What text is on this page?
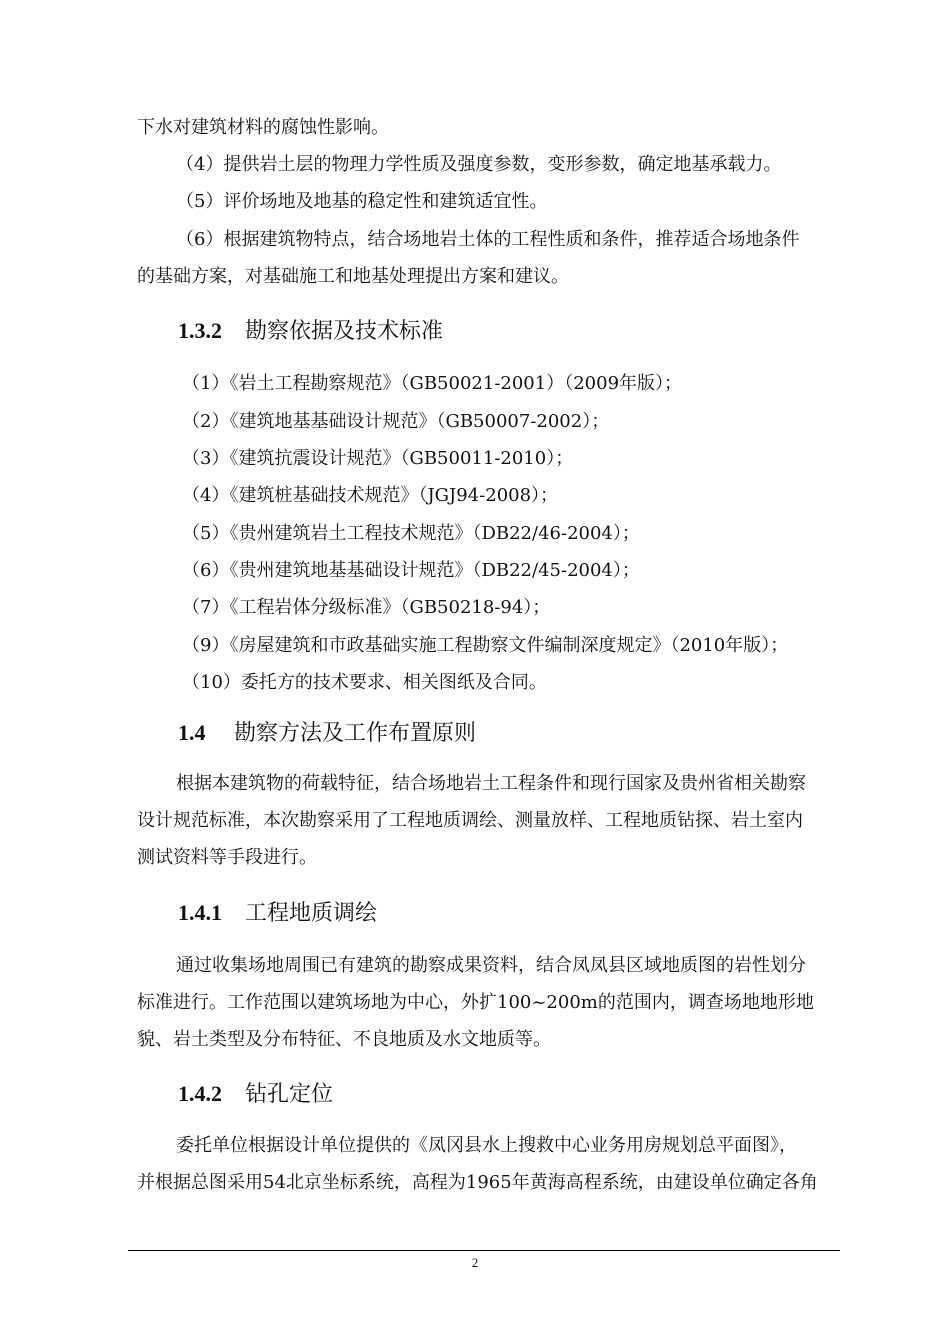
下水对建筑材料的腐蚀性影响。
（4）提供岩土层的物理力学性质及强度参数，变形参数，确定地基承载力。
（5）评价场地及地基的稳定性和建筑适宜性。
（6）根据建筑物特点，结合场地岩土体的工程性质和条件，推荐适合场地条件
的基础方案，对基础施工和地基处理提出方案和建议。
1.3.2 勘察依据及技术标准
（1）《岩土工程勘察规范》（GB50021-2001）（2009年版）；
（2）《建筑地基基础设计规范》（GB50007-2002）；
（3）《建筑抗震设计规范》（GB50011-2010）；
（4）《建筑桩基础技术规范》（JGJ94-2008）；
（5）《贵州建筑岩土工程技术规范》（DB22/46-2004）；
（6）《贵州建筑地基基础设计规范》（DB22/45-2004）；
（7）《工程岩体分级标准》（GB50218-94）；
（9）《房屋建筑和市政基础实施工程勘察文件编制深度规定》（2010年版）；
（10）委托方的技术要求、相关图纸及合同。
1.4 勘察方法及工作布置原则
根据本建筑物的荷载特征，结合场地岩土工程条件和现行国家及贵州省相关勘察
设计规范标准，本次勘察采用了工程地质调绘、测量放样、工程地质钻探、岩土室内
测试资料等手段进行。
1.4.1 工程地质调绘
通过收集场地周围已有建筑的勘察成果资料，结合凤凤县区域地质图的岩性划分
标准进行。工作范围以建筑场地为中心，外扩100~200m的范围内，调查场地地形地
貌、岩土类型及分布特征、不良地质及水文地质等。
1.4.2 钻孔定位
委托单位根据设计单位提供的《凤冈县水上搜救中心业务用房规划总平面图》，
并根据总图采用54北京坐标系统，高程为1965年黄海高程系统，由建设单位确定各角
2
